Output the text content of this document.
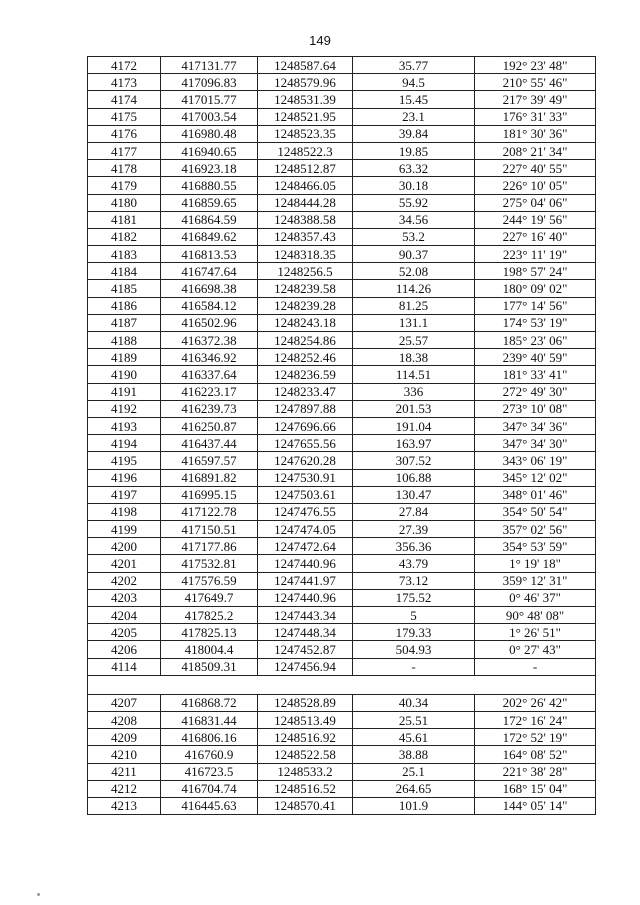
149
4172	417131.77	1248587.64	35.77	192° 23' 48"
4173	417096.83	1248579.96	94.5	210° 55' 46"
4174	417015.77	1248531.39	15.45	217° 39' 49"
4175	417003.54	1248521.95	23.1	176° 31' 33"
4176	416980.48	1248523.35	39.84	181° 30' 36"
4177	416940.65	1248522.3	19.85	208° 21' 34"
4178	416923.18	1248512.87	63.32	227° 40' 55"
4179	416880.55	1248466.05	30.18	226° 10' 05"
4180	416859.65	1248444.28	55.92	275° 04' 06"
4181	416864.59	1248388.58	34.56	244° 19' 56"
4182	416849.62	1248357.43	53.2	227° 16' 40"
4183	416813.53	1248318.35	90.37	223° 11' 19"
4184	416747.64	1248256.5	52.08	198° 57' 24"
4185	416698.38	1248239.58	114.26	180° 09' 02"
4186	416584.12	1248239.28	81.25	177° 14' 56"
4187	416502.96	1248243.18	131.1	174° 53' 19"
4188	416372.38	1248254.86	25.57	185° 23' 06"
4189	416346.92	1248252.46	18.38	239° 40' 59"
4190	416337.64	1248236.59	114.51	181° 33' 41"
4191	416223.17	1248233.47	336	272° 49' 30"
4192	416239.73	1247897.88	201.53	273° 10' 08"
4193	416250.87	1247696.66	191.04	347° 34' 36"
4194	416437.44	1247655.56	163.97	347° 34' 30"
4195	416597.57	1247620.28	307.52	343° 06' 19"
4196	416891.82	1247530.91	106.88	345° 12' 02"
4197	416995.15	1247503.61	130.47	348° 01' 46"
4198	417122.78	1247476.55	27.84	354° 50' 54"
4199	417150.51	1247474.05	27.39	357° 02' 56"
4200	417177.86	1247472.64	356.36	354° 53' 59"
4201	417532.81	1247440.96	43.79	1° 19' 18"
4202	417576.59	1247441.97	73.12	359° 12' 31"
4203	417649.7	1247440.96	175.52	0° 46' 37"
4204	417825.2	1247443.34	5	90° 48' 08"
4205	417825.13	1247448.34	179.33	1° 26' 51"
4206	418004.4	1247452.87	504.93	0° 27' 43"
4114	418509.31	1247456.94	-	-

4207	416868.72	1248528.89	40.34	202° 26' 42"
4208	416831.44	1248513.49	25.51	172° 16' 24"
4209	416806.16	1248516.92	45.61	172° 52' 19"
4210	416760.9	1248522.58	38.88	164° 08' 52"
4211	416723.5	1248533.2	25.1	221° 38' 28"
4212	416704.74	1248516.52	264.65	168° 15' 04"
4213	416445.63	1248570.41	101.9	144° 05' 14"
